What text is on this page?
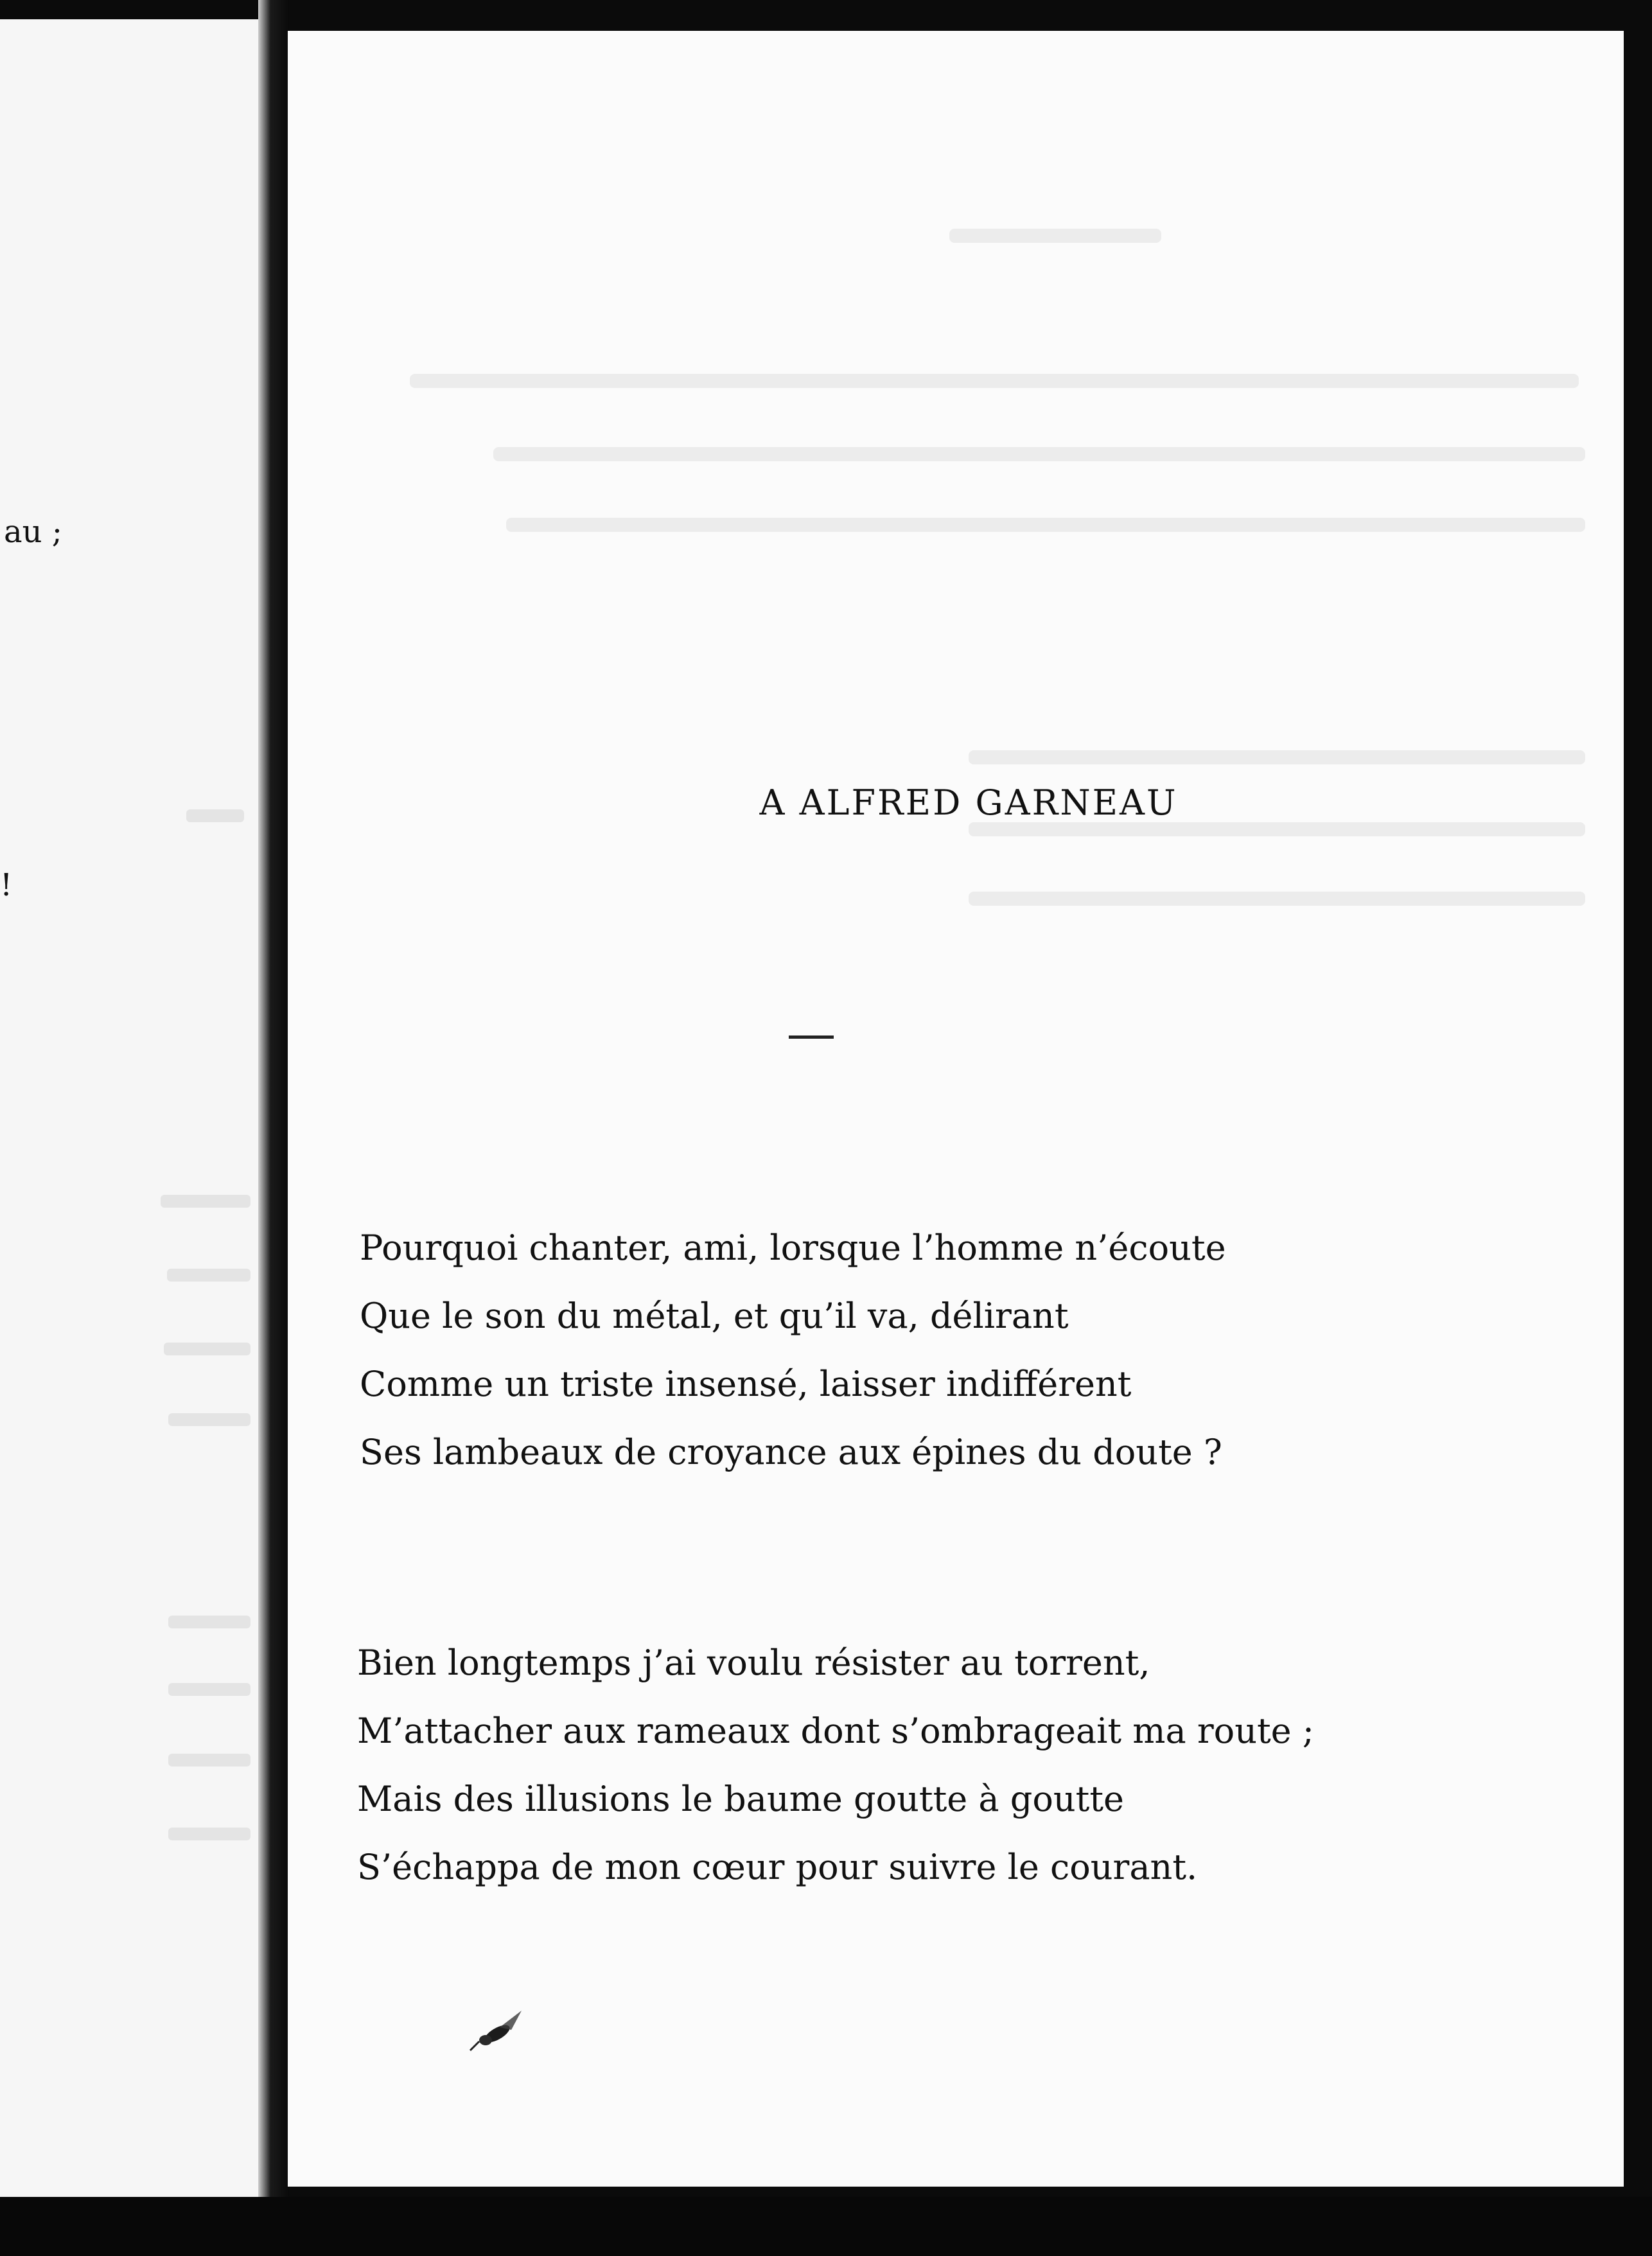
au ;
!
A ALFRED GARNEAU
Pourquoi chanter, ami, lorsque l’homme n’écoute
Que le son du métal, et qu’il va, délirant
Comme un triste insensé, laisser indifférent
Ses lambeaux de croyance aux épines du doute ?
Bien longtemps j’ai voulu résister au torrent,
M’attacher aux rameaux dont s’ombrageait ma route ;
Mais des illusions le baume goutte à goutte
S’échappa de mon cœur pour suivre le courant.
